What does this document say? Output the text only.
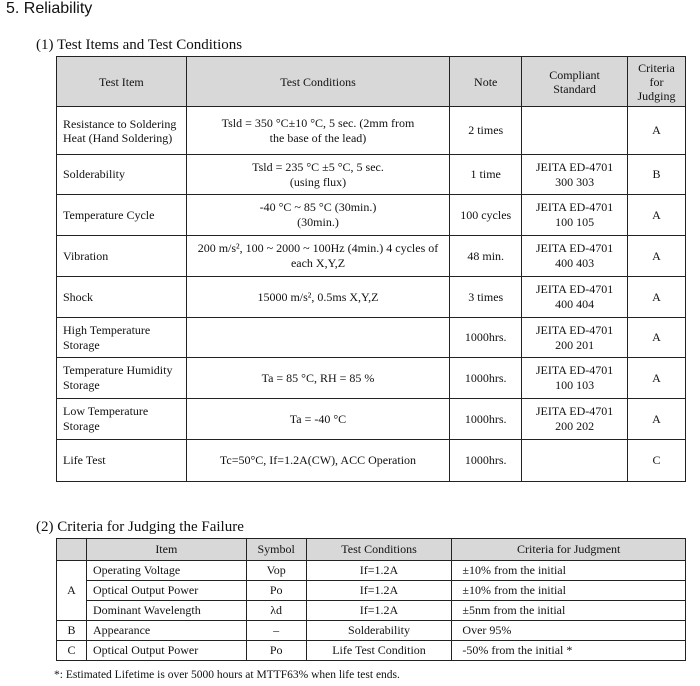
5. Reliability
(1) Test Items and Test Conditions
Test Item	Test Conditions	Note	Compliant Standard	Criteria for Judging
Resistance to Soldering Heat (Hand Soldering)	Tsld = 350 °C±10 °C, 5 sec. (2mm from the base of the lead)	2 times		A
Solderability	Tsld = 235 °C ±5 °C, 5 sec. (using flux)	1 time	JEITA ED-4701 300 303	B
Temperature Cycle	-40 °C ~ 85 °C (30min.) (30min.)	100 cycles	JEITA ED-4701 100 105	A
Vibration	200 m/s², 100 ~ 2000 ~ 100Hz (4min.) 4 cycles of each X,Y,Z	48 min.	JEITA ED-4701 400 403	A
Shock	15000 m/s², 0.5ms X,Y,Z	3 times	JEITA ED-4701 400 404	A
High Temperature Storage		1000hrs.	JEITA ED-4701 200 201	A
Temperature Humidity Storage	Ta = 85 °C, RH = 85 %	1000hrs.	JEITA ED-4701 100 103	A
Low Temperature Storage	Ta = -40 °C	1000hrs.	JEITA ED-4701 200 202	A
Life Test	Tc=50°C, If=1.2A(CW), ACC Operation	1000hrs.		C
(2) Criteria for Judging the Failure
	Item	Symbol	Test Conditions	Criteria for Judgment
A	Operating Voltage	Vop	If=1.2A	±10% from the initial
	Optical Output Power	Po	If=1.2A	±10% from the initial
	Dominant Wavelength	λd	If=1.2A	±5nm from the initial
B	Appearance	–	Solderability	Over 95%
C	Optical Output Power	Po	Life Test Condition	-50% from the initial *
*: Estimated Lifetime is over 5000 hours at MTTF63% when life test ends.
